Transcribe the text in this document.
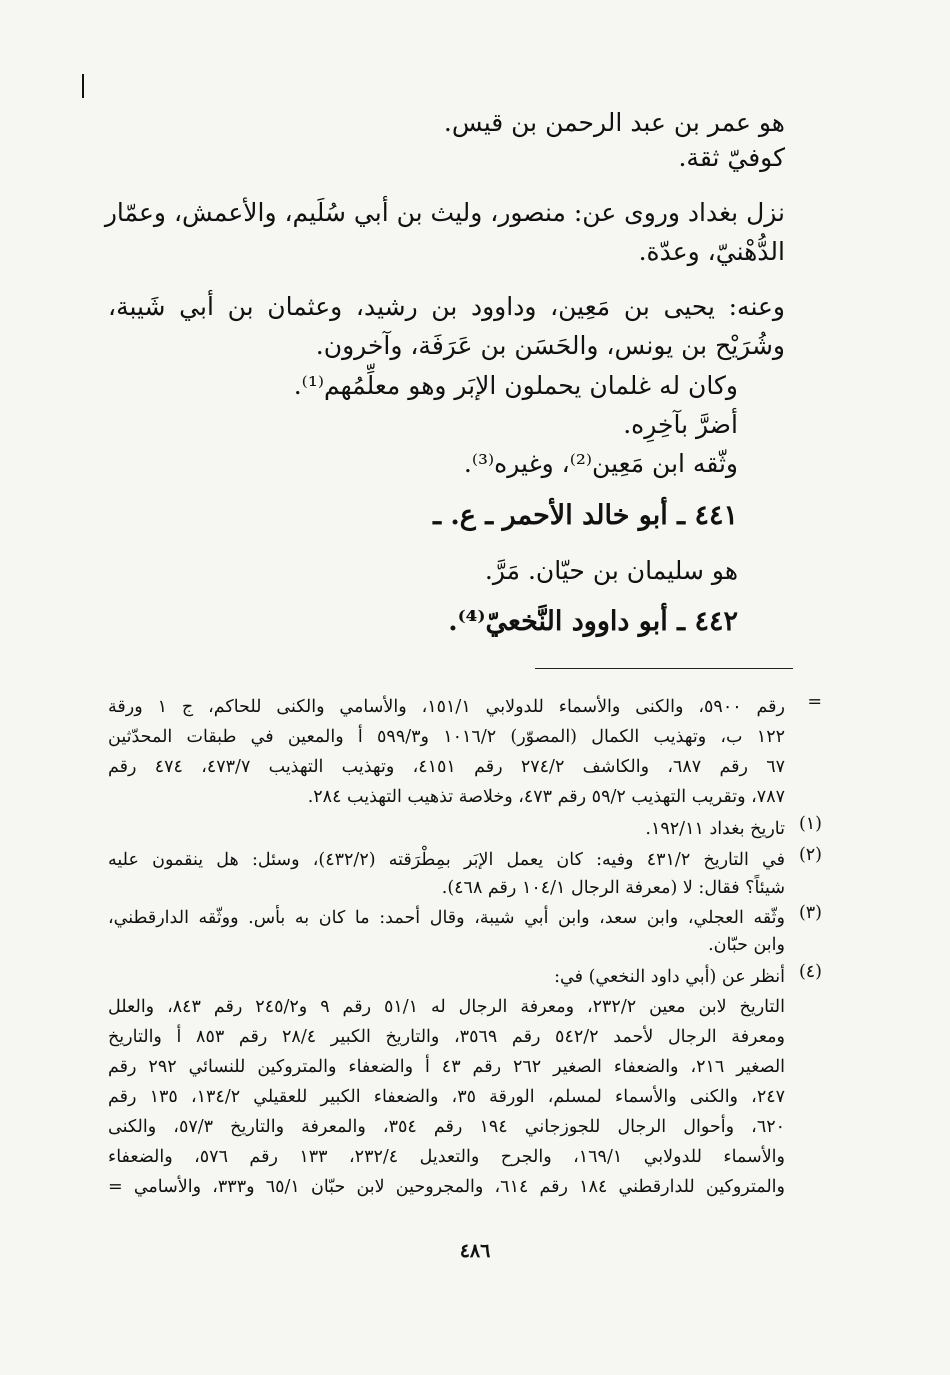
هو عمر بن عبد الرحمن بن قيس.
كوفيّ ثقة.
نزل بغداد وروى عن: منصور، وليث بن أبي سُلَيم، والأعمش، وعمّار
الدُّهْنيّ، وعدّة.
وعنه: يحيى بن مَعِين، وداوود بن رشيد، وعثمان بن أبي شَيبة،
وشُرَيْح بن يونس، والحَسَن بن عَرَفَة، وآخرون.
وكان له غلمان يحملون الإبَر وهو معلِّمُهم⁽¹⁾.
أضرَّ بآخِرِه.
وثّقه ابن مَعِين⁽²⁾، وغيره⁽³⁾.
٤٤١ ـ أبو خالد الأحمر ـ ع. ـ
هو سليمان بن حيّان. مَرَّ.
٤٤٢ ـ أبو داوود النَّخعيّ⁽⁴⁾.
=
رقم ٥٩٠٠، والكنى والأسماء للدولابي ١٥١/١، والأسامي والكنى للحاكم، ج ١ ورقة
١٢٢ ب، وتهذيب الكمال (المصوّر) ١٠١٦/٢ و٥٩٩/٣ أ والمعين في طبقات المحدّثين
٦٧ رقم ٦٨٧، والكاشف ٢٧٤/٢ رقم ٤١٥١، وتهذيب التهذيب ٤٧٣/٧، ٤٧٤ رقم
٧٨٧، وتقريب التهذيب ٥٩/٢ رقم ٤٧٣، وخلاصة تذهيب التهذيب ٢٨٤.
(١)
تاريخ بغداد ١٩٢/١١.
(٢)
في التاريخ ٤٣١/٢ وفيه: كان يعمل الإبَر بمِطْرَقته (٤٣٢/٢)، وسئل: هل ينقمون عليه
شيئاً؟ فقال: لا (معرفة الرجال ١٠٤/١ رقم ٤٦٨).
(٣)
وثّقه العجلي، وابن سعد، وابن أبي شيبة، وقال أحمد: ما كان به بأس. ووثّقه الدارقطني،
وابن حبّان.
(٤)
أنظر عن (أبي داود النخعي) في:
التاريخ لابن معين ٢٣٢/٢، ومعرفة الرجال له ٥١/١ رقم ٩ و٢٤٥/٢ رقم ٨٤٣، والعلل
ومعرفة الرجال لأحمد ٥٤٢/٢ رقم ٣٥٦٩، والتاريخ الكبير ٢٨/٤ رقم ٨٥٣ أ والتاريخ
الصغير ٢١٦، والضعفاء الصغير ٢٦٢ رقم ٤٣ أ والضعفاء والمتروكين للنسائي ٢٩٢ رقم
٢٤٧، والكنى والأسماء لمسلم، الورقة ٣٥، والضعفاء الكبير للعقيلي ١٣٤/٢، ١٣٥ رقم
٦٢٠، وأحوال الرجال للجوزجاني ١٩٤ رقم ٣٥٤، والمعرفة والتاريخ ٥٧/٣، والكنى
والأسماء للدولابي ١٦٩/١، والجرح والتعديل ٢٣٢/٤، ١٣٣ رقم ٥٧٦، والضعفاء
والمتروكين للدارقطني ١٨٤ رقم ٦١٤، والمجروحين لابن حبّان ٦٥/١ و٣٣٣، والأسامي =
٤٨٦
